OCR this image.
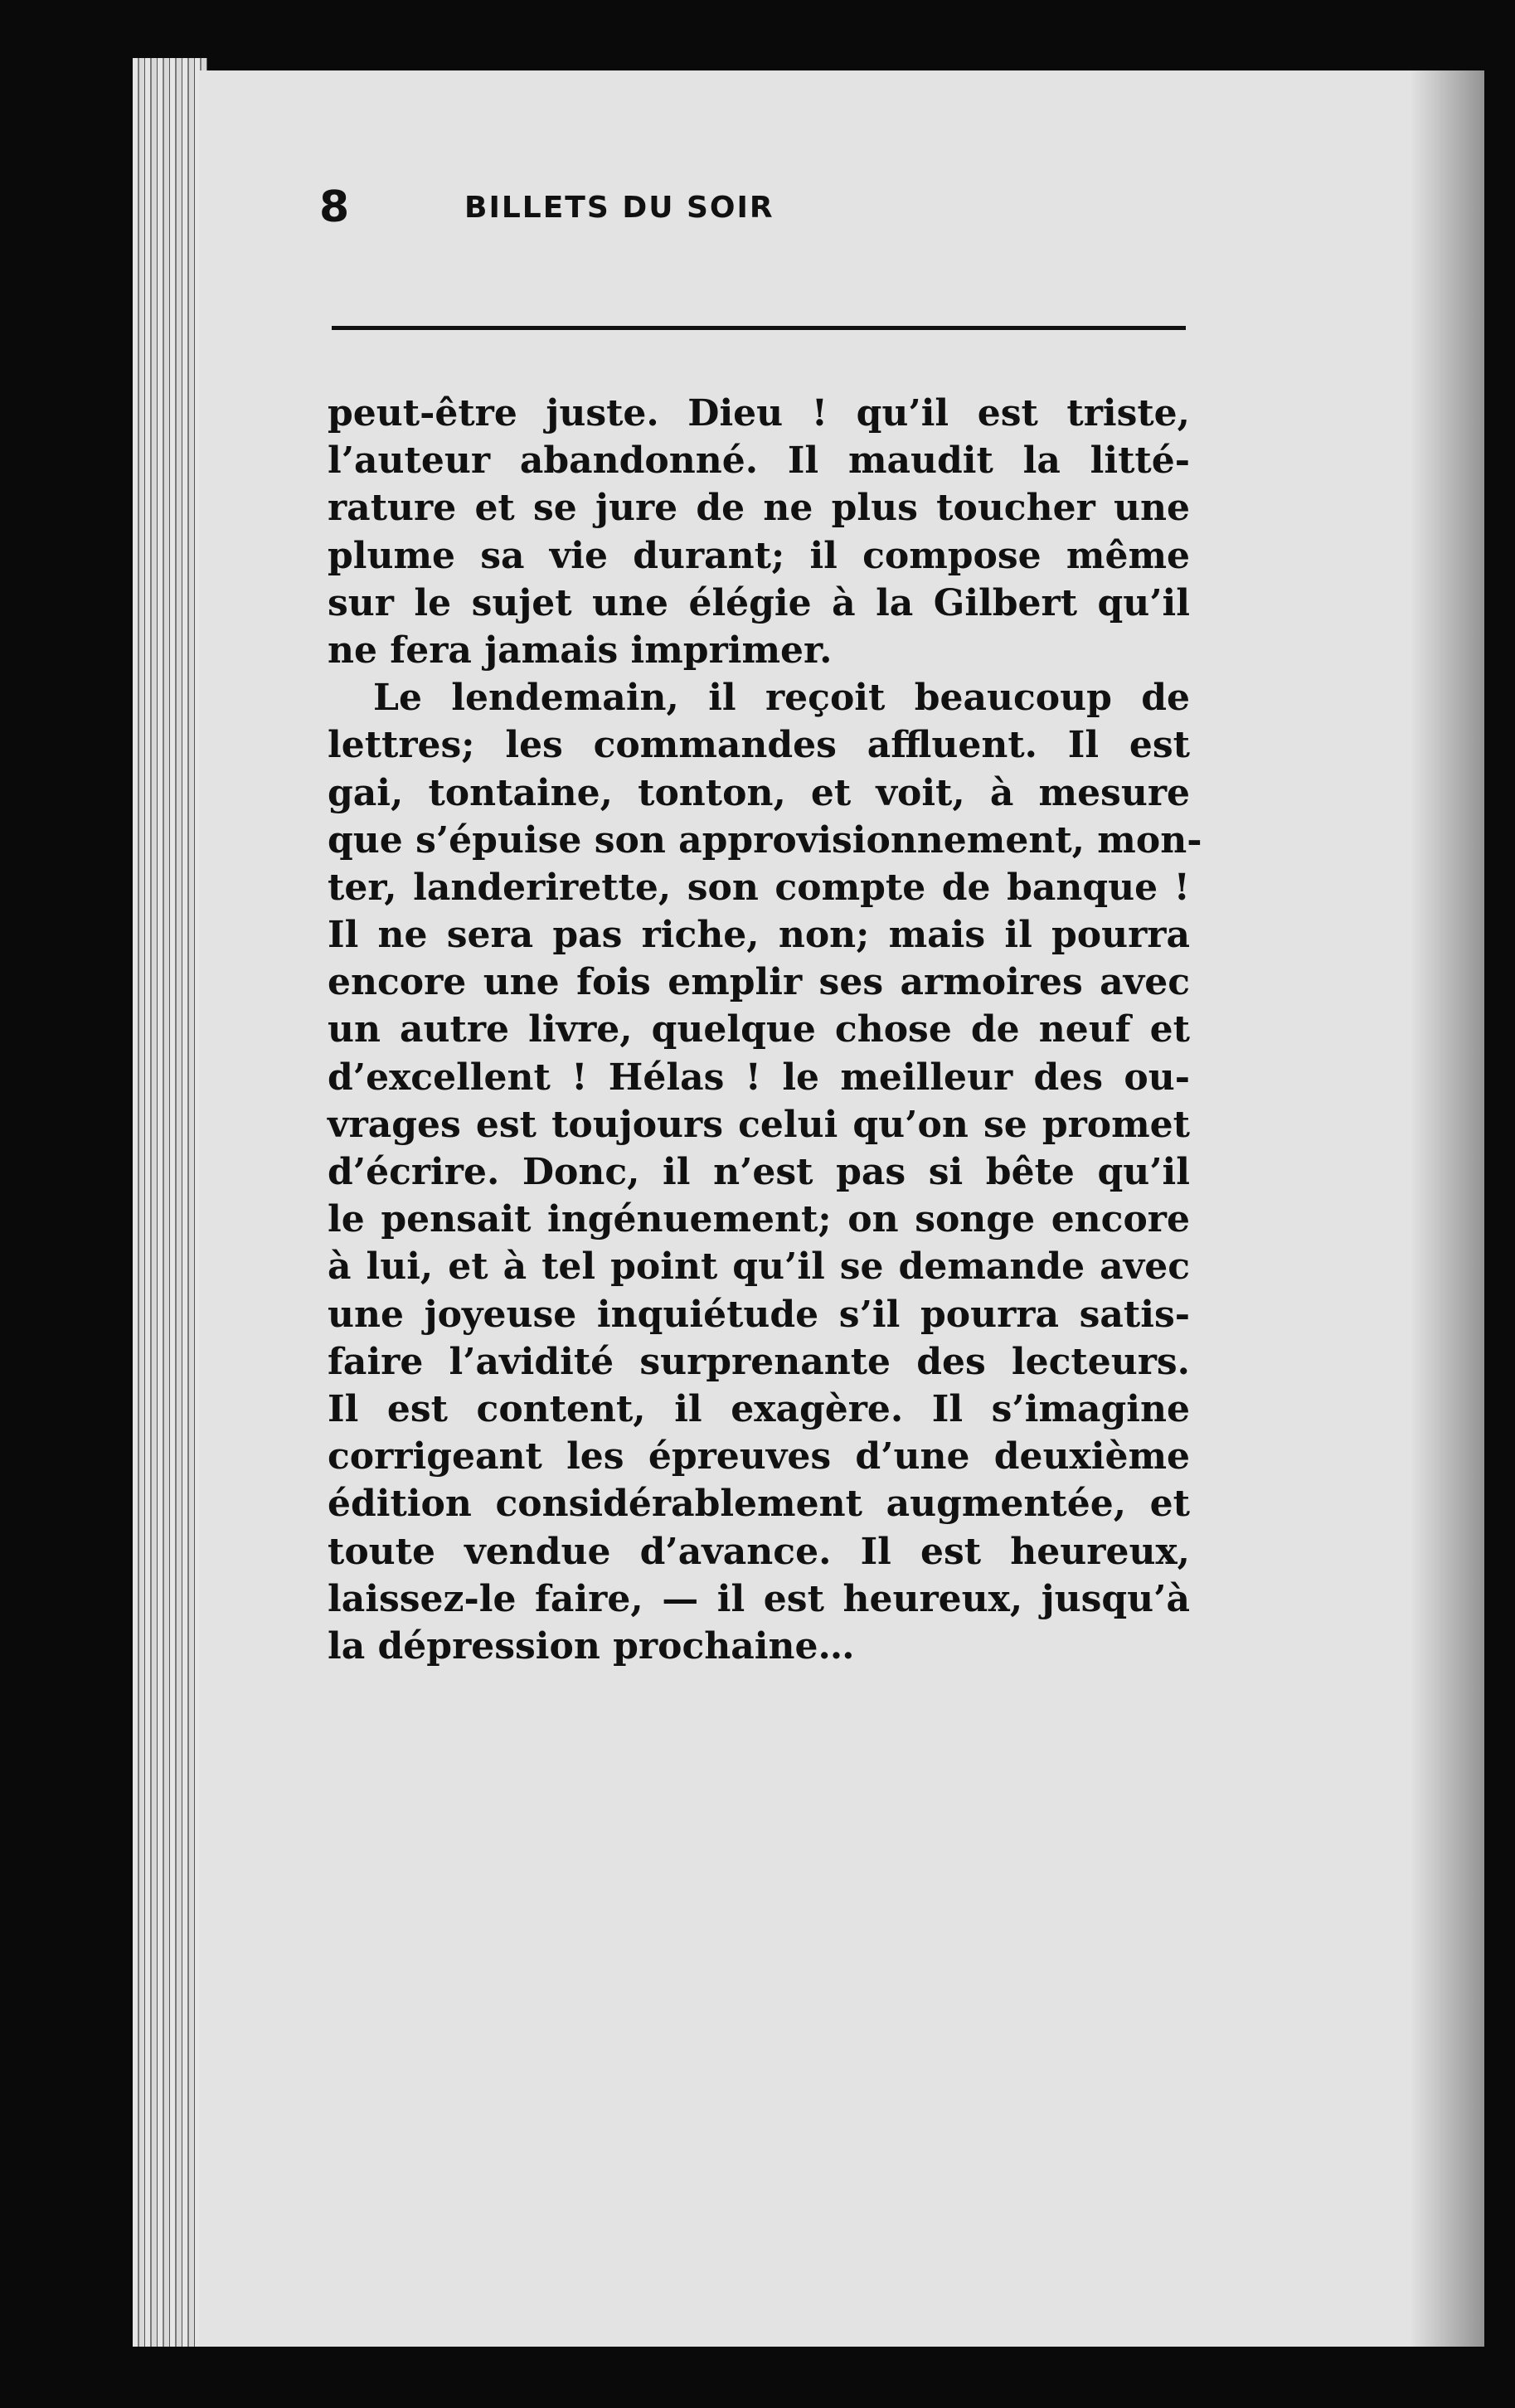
8	BILLETS DU SOIR
peut-être juste. Dieu ! qu’il est triste,
l’auteur abandonné. Il maudit la litté-
rature et se jure de ne plus toucher une
plume sa vie durant; il compose même
sur le sujet une élégie à la Gilbert qu’il
ne fera jamais imprimer.
Le lendemain, il reçoit beaucoup de
lettres; les commandes affluent. Il est
gai, tontaine, tonton, et voit, à mesure
que s’épuise son approvisionnement, mon-
ter, landerirette, son compte de banque !
Il ne sera pas riche, non; mais il pourra
encore une fois emplir ses armoires avec
un autre livre, quelque chose de neuf et
d’excellent ! Hélas ! le meilleur des ou-
vrages est toujours celui qu’on se promet
d’écrire. Donc, il n’est pas si bête qu’il
le pensait ingénuement; on songe encore
à lui, et à tel point qu’il se demande avec
une joyeuse inquiétude s’il pourra satis-
faire l’avidité surprenante des lecteurs.
Il est content, il exagère. Il s’imagine
corrigeant les épreuves d’une deuxième
édition considérablement augmentée, et
toute vendue d’avance. Il est heureux,
laissez-le faire, — il est heureux, jusqu’à
la dépression prochaine…
